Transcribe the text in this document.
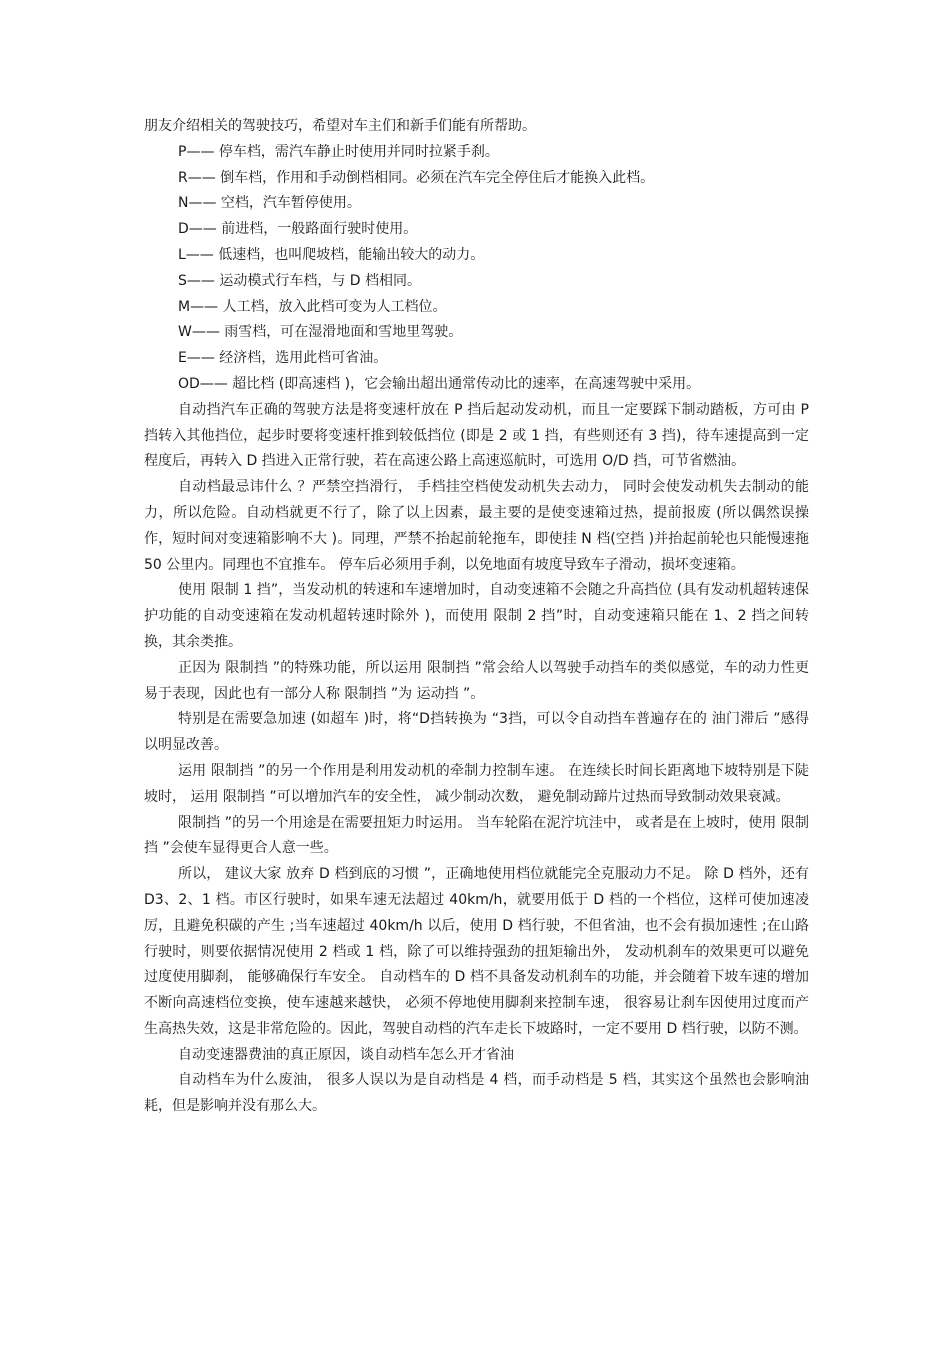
朋友介绍相关的驾驶技巧，希望对车主们和新手们能有所帮助。

P—— 停车档，需汽车静止时使用并同时拉紧手刹。

R—— 倒车档，作用和手动倒档相同。必须在汽车完全停住后才能换入此档。

N—— 空档，汽车暂停使用。

D—— 前进档，一般路面行驶时使用。

L—— 低速档，也叫爬坡档，能输出较大的动力。

S—— 运动模式行车档，与 D 档相同。

M—— 人工档，放入此档可变为人工档位。

W—— 雨雪档，可在湿滑地面和雪地里驾驶。

E—— 经济档，选用此档可省油。

OD—— 超比档 (即高速档 )，它会输出超出通常传动比的速率，在高速驾驶中采用。

自动挡汽车正确的驾驶方法是将变速杆放在 P 挡后起动发动机，而且一定要踩下制动踏板，方可由 P 挡转入其他挡位，起步时要将变速杆推到较低挡位 (即是 2 或 1 挡，有些则还有 3 挡)，待车速提高到一定程度后，再转入 D 挡进入正常行驶，若在高速公路上高速巡航时，可选用 O/D 挡，可节省燃油。

自动档最忌讳什么 ？严禁空挡滑行， 手档挂空档使发动机失去动力， 同时会使发动机失去制动的能力，所以危险。自动档就更不行了，除了以上因素，最主要的是使变速箱过热，提前报废 (所以偶然误操作，短时间对变速箱影响不大 )。同理，严禁不抬起前轮拖车，即使挂 N 档(空挡 )并抬起前轮也只能慢速拖 50 公里内。同理也不宜推车。 停车后必须用手刹，以免地面有坡度导致车子滑动，损坏变速箱。

使用 限制 1 挡”，当发动机的转速和车速增加时，自动变速箱不会随之升高挡位 (具有发动机超转速保护功能的自动变速箱在发动机超转速时除外 )，而使用 限制 2 挡”时，自动变速箱只能在 1、2 挡之间转换，其余类推。

正因为 限制挡 ”的特殊功能，所以运用 限制挡 ”常会给人以驾驶手动挡车的类似感觉，车的动力性更易于表现，因此也有一部分人称 限制挡 ”为 运动挡 ”。

特别是在需要急加速 (如超车 )时，将“D挡转换为 “3挡，可以令自动挡车普遍存在的 油门滞后 ”感得以明显改善。

运用 限制挡 ”的另一个作用是利用发动机的牵制力控制车速。 在连续长时间长距离地下坡特别是下陡坡时， 运用 限制挡 ”可以增加汽车的安全性， 减少制动次数， 避免制动蹄片过热而导致制动效果衰减。

限制挡 ”的另一个用途是在需要扭矩力时运用。 当车轮陷在泥泞坑洼中， 或者是在上坡时，使用 限制挡 ”会使车显得更合人意一些。

所以， 建议大家 放弃 D 档到底的习惯 ”，正确地使用档位就能完全克服动力不足。 除 D 档外，还有 D3、2、1 档。市区行驶时，如果车速无法超过 40km/h，就要用低于 D 档的一个档位，这样可使加速凌厉，且避免积碳的产生 ;当车速超过 40km/h 以后，使用 D 档行驶，不但省油，也不会有损加速性 ;在山路行驶时，则要依据情况使用 2 档或 1 档，除了可以维持强劲的扭矩输出外， 发动机刹车的效果更可以避免过度使用脚刹， 能够确保行车安全。 自动档车的 D 档不具备发动机刹车的功能，并会随着下坡车速的增加不断向高速档位变换，使车速越来越快， 必须不停地使用脚刹来控制车速， 很容易让刹车因使用过度而产生高热失效，这是非常危险的。因此，驾驶自动档的汽车走长下坡路时，一定不要用 D 档行驶，以防不测。

自动变速器费油的真正原因，谈自动档车怎么开才省油

自动档车为什么废油， 很多人误以为是自动档是 4 档，而手动档是 5 档，其实这个虽然也会影响油耗，但是影响并没有那么大。
